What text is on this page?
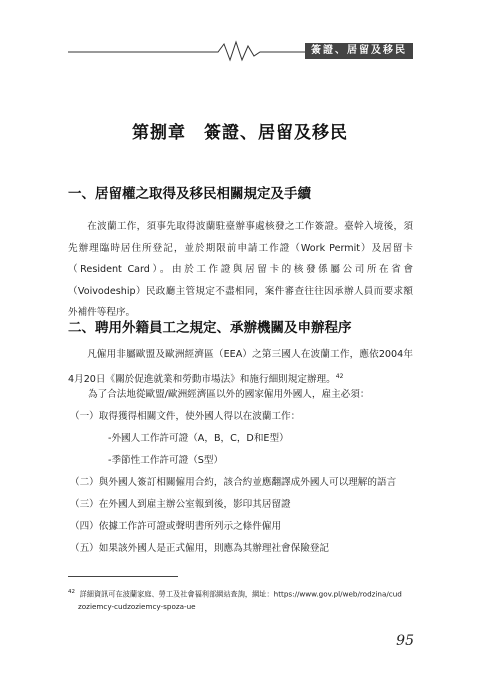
簽證、居留及移民
第捌章　簽證、居留及移民
一、居留權之取得及移民相關規定及手續
在波蘭工作，須事先取得波蘭駐臺辦事處核發之工作簽證。臺幹入境後，須先辦理臨時居住所登記，並於期限前申請工作證（Work Permit）及居留卡（Resident Card）。由於工作證與居留卡的核發係屬公司所在省會（Voivodeship）民政廳主管規定不盡相同，案件審查往往因承辦人員而要求額外補件等程序。
二、聘用外籍員工之規定、承辦機關及申辦程序
凡僱用非屬歐盟及歐洲經濟區（EEA）之第三國人在波蘭工作，應依2004年4月20日《關於促進就業和勞動市場法》和施行細則規定辦理。$^{42}$
為了合法地從歐盟/歐洲經濟區以外的國家僱用外國人，雇主必須：
（一）取得獲得相關文件，使外國人得以在波蘭工作：
-外國人工作許可證（A，B，C，D和E型）
-季節性工作許可證（S型）
（二）與外國人簽訂相關僱用合約，該合約並應翻譯成外國人可以理解的語言
（三）在外國人到雇主辦公室報到後，影印其居留證
（四）依據工作許可證或聲明書所列示之條件僱用
（五）如果該外國人是正式僱用，則應為其辦理社會保險登記
$^{42}$ 詳細資訊可在波蘭家庭、勞工及社會福利部網站查詢，網址：https://www.gov.pl/web/rodzina/cud
zoziemcy-cudzoziemcy-spoza-ue
95
